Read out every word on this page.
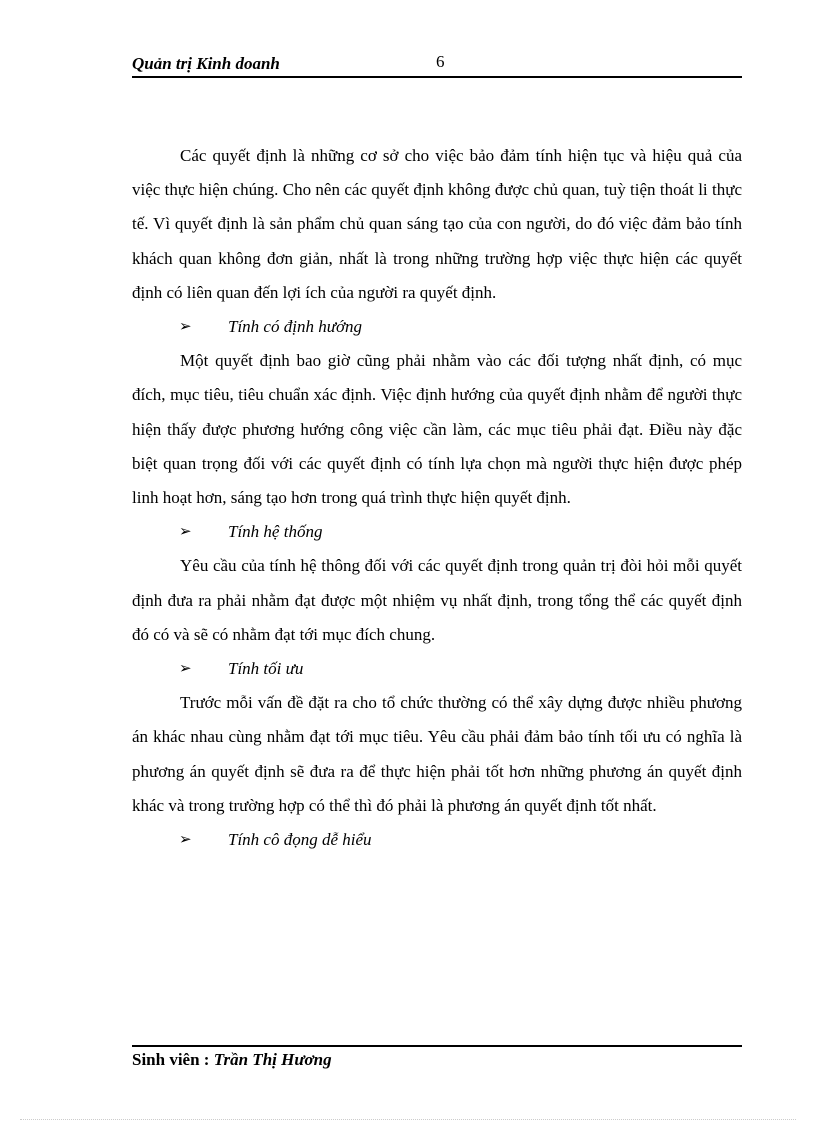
Quản trị Kinh doanh	6

Các quyết định là những cơ sở cho việc bảo đảm tính hiện tục và hiệu quả của việc thực hiện chúng. Cho nên các quyết định không được chủ quan, tuỳ tiện thoát li thực tế. Vì quyết định là sản phẩm chủ quan sáng tạo của con người, do đó việc đảm bảo tính khách quan không đơn giản, nhất là trong những trường hợp việc thực hiện các quyết định có liên quan đến lợi ích của người ra quyết định.

➢ Tính có định hướng

Một quyết định bao giờ cũng phải nhằm vào các đối tượng nhất định, có mục đích, mục tiêu, tiêu chuẩn xác định. Việc định hướng của quyết định nhằm để người thực hiện thấy được phương hướng công việc cần làm, các mục tiêu phải đạt. Điều này đặc biệt quan trọng đối với các quyết định có tính lựa chọn mà người thực hiện được phép linh hoạt hơn, sáng tạo hơn trong quá trình thực hiện quyết định.

➢ Tính hệ thống

Yêu cầu của tính hệ thông đối với các quyết định trong quản trị đòi hỏi mỗi quyết định đưa ra phải nhằm đạt được một nhiệm vụ nhất định, trong tổng thể các quyết định đó có và sẽ có nhằm đạt tới mục đích chung.

➢ Tính tối ưu

Trước mỗi vấn đề đặt ra cho tổ chức thường có thể xây dựng được nhiều phương án khác nhau cùng nhằm đạt tới mục tiêu. Yêu cầu phải đảm bảo tính tối ưu có nghĩa là phương án quyết định sẽ đưa ra để thực hiện phải tốt hơn những phương án quyết định khác và trong trường hợp có thể thì đó phải là phương án quyết định tốt nhất.

➢ Tính cô đọng dễ hiểu
Sinh viên : Trần Thị Hương
